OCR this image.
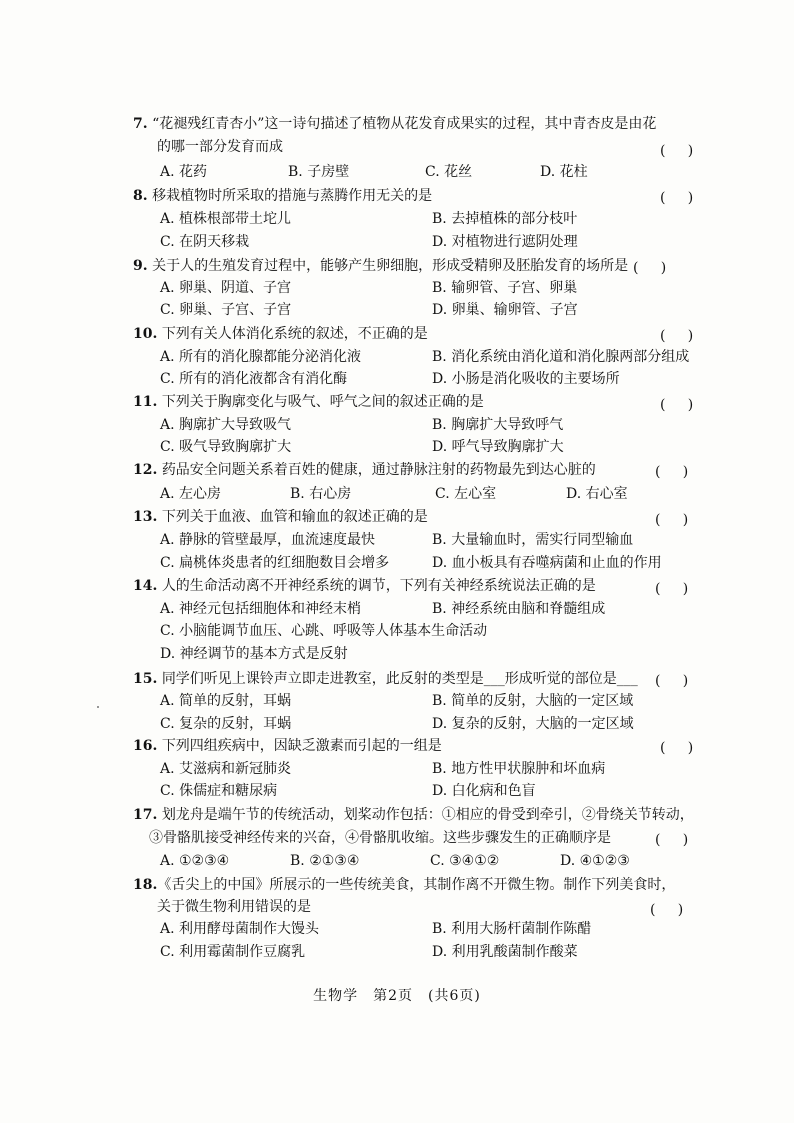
7. “花褪残红青杏小”这一诗句描述了植物从花发育成果实的过程，其中青杏皮是由花
的哪一部分发育而成	(     )
A. 花药	B. 子房壁	C. 花丝	D. 花柱
8. 移栽植物时所采取的措施与蒸腾作用无关的是	(     )
A. 植株根部带土坨儿	B. 去掉植株的部分枝叶
C. 在阴天移栽	D. 对植物进行遮阴处理
9. 关于人的生殖发育过程中，能够产生卵细胞，形成受精卵及胚胎发育的场所是 (     )
A. 卵巢、阴道、子宫	B. 输卵管、子宫、卵巢
C. 卵巢、子宫、子宫	D. 卵巢、输卵管、子宫
10. 下列有关人体消化系统的叙述，不正确的是	(     )
A. 所有的消化腺都能分泌消化液	B. 消化系统由消化道和消化腺两部分组成
C. 所有的消化液都含有消化酶	D. 小肠是消化吸收的主要场所
11. 下列关于胸廓变化与吸气、呼气之间的叙述正确的是	(     )
A. 胸廓扩大导致吸气	B. 胸廓扩大导致呼气
C. 吸气导致胸廓扩大	D. 呼气导致胸廓扩大
12. 药品安全问题关系着百姓的健康，通过静脉注射的药物最先到达心脏的	(     )
A. 左心房	B. 右心房	C. 左心室	D. 右心室
13. 下列关于血液、血管和输血的叙述正确的是	(     )
A. 静脉的管壁最厚，血流速度最快	B. 大量输血时，需实行同型输血
C. 扁桃体炎患者的红细胞数目会增多	D. 血小板具有吞噬病菌和止血的作用
14. 人的生命活动离不开神经系统的调节，下列有关神经系统说法正确的是	(     )
A. 神经元包括细胞体和神经末梢	B. 神经系统由脑和脊髓组成
C. 小脑能调节血压、心跳、呼吸等人体基本生命活动
D. 神经调节的基本方式是反射
15. 同学们听见上课铃声立即走进教室，此反射的类型是___形成听觉的部位是___ (     )
A. 简单的反射，耳蜗	B. 简单的反射，大脑的一定区域
C. 复杂的反射，耳蜗	D. 复杂的反射，大脑的一定区域
16. 下列四组疾病中，因缺乏激素而引起的一组是	(     )
A. 艾滋病和新冠肺炎	B. 地方性甲状腺肿和坏血病
C. 侏儒症和糖尿病	D. 白化病和色盲
17. 划龙舟是端午节的传统活动，划桨动作包括：①相应的骨受到牵引，②骨绕关节转动，
③骨骼肌接受神经传来的兴奋，④骨骼肌收缩。这些步骤发生的正确顺序是	(     )
A. ①②③④	B. ②①③④	C. ③④①②	D. ④①②③
18.《舌尖上的中国》所展示的一些传统美食，其制作离不开微生物。制作下列美食时，
关于微生物利用错误的是	(     )
A. 利用酵母菌制作大馒头	B. 利用大肠杆菌制作陈醋
C. 利用霉菌制作豆腐乳	D. 利用乳酸菌制作酸菜
生物学　第2页　(共6页)
